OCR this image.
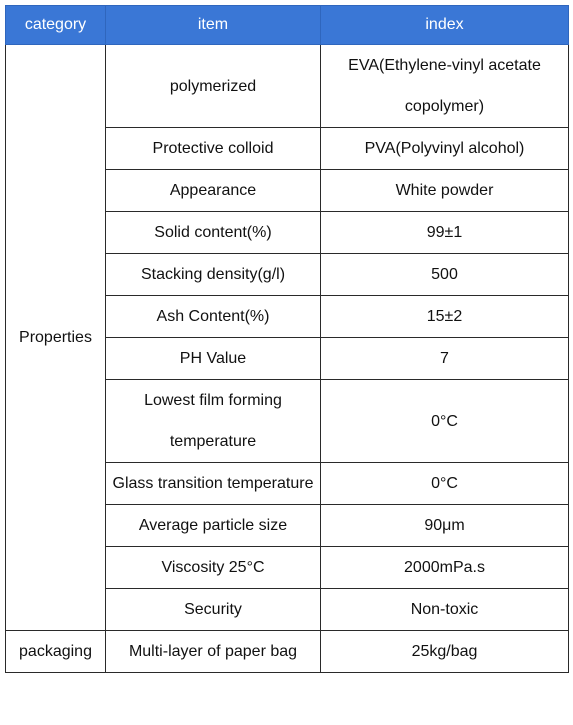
category	item	index
Properties	polymerized	EVA(Ethylene-vinyl acetate copolymer)
	Protective colloid	PVA(Polyvinyl alcohol)
	Appearance	White powder
	Solid content(%)	99±1
	Stacking density(g/l)	500
	Ash Content(%)	15±2
	PH Value	7
	Lowest film forming temperature	0°C
	Glass transition temperature	0°C
	Average particle size	90μm
	Viscosity 25°C	2000mPa.s
	Security	Non-toxic
packaging	Multi-layer of paper bag	25kg/bag
